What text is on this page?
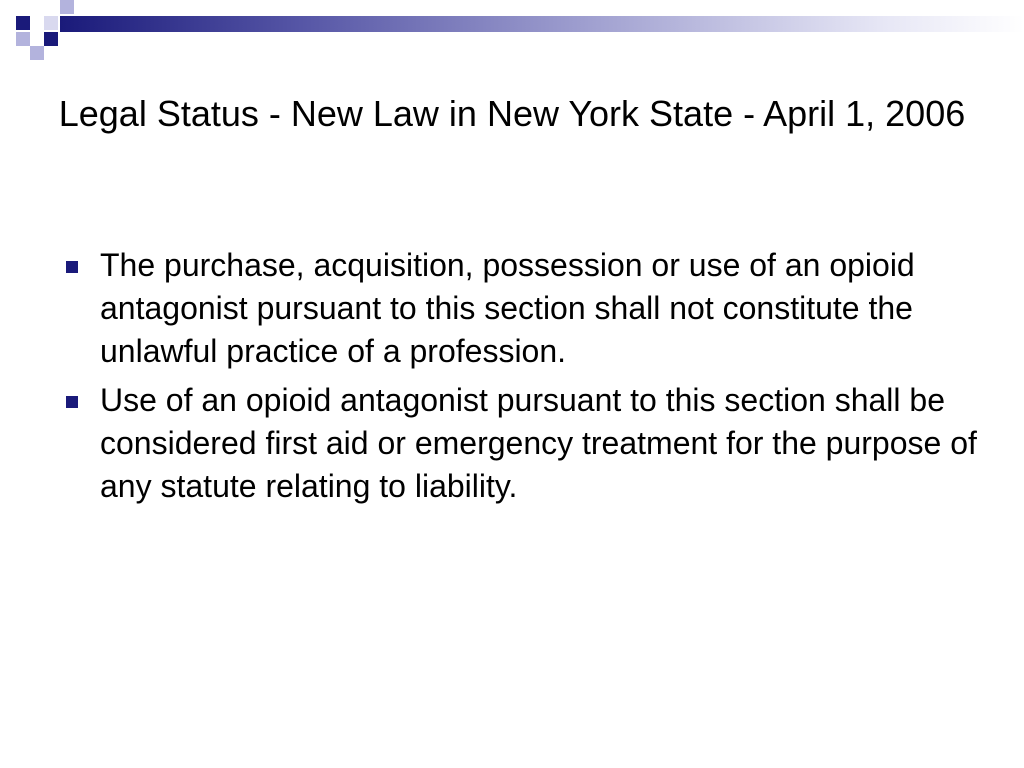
Legal Status - New Law in New York State - April 1, 2006
The purchase, acquisition, possession or use of an opioid antagonist pursuant to this section shall not constitute the unlawful practice of a profession.
Use of an opioid antagonist pursuant to this section shall be considered first aid or emergency treatment for the purpose of any statute relating to liability.
